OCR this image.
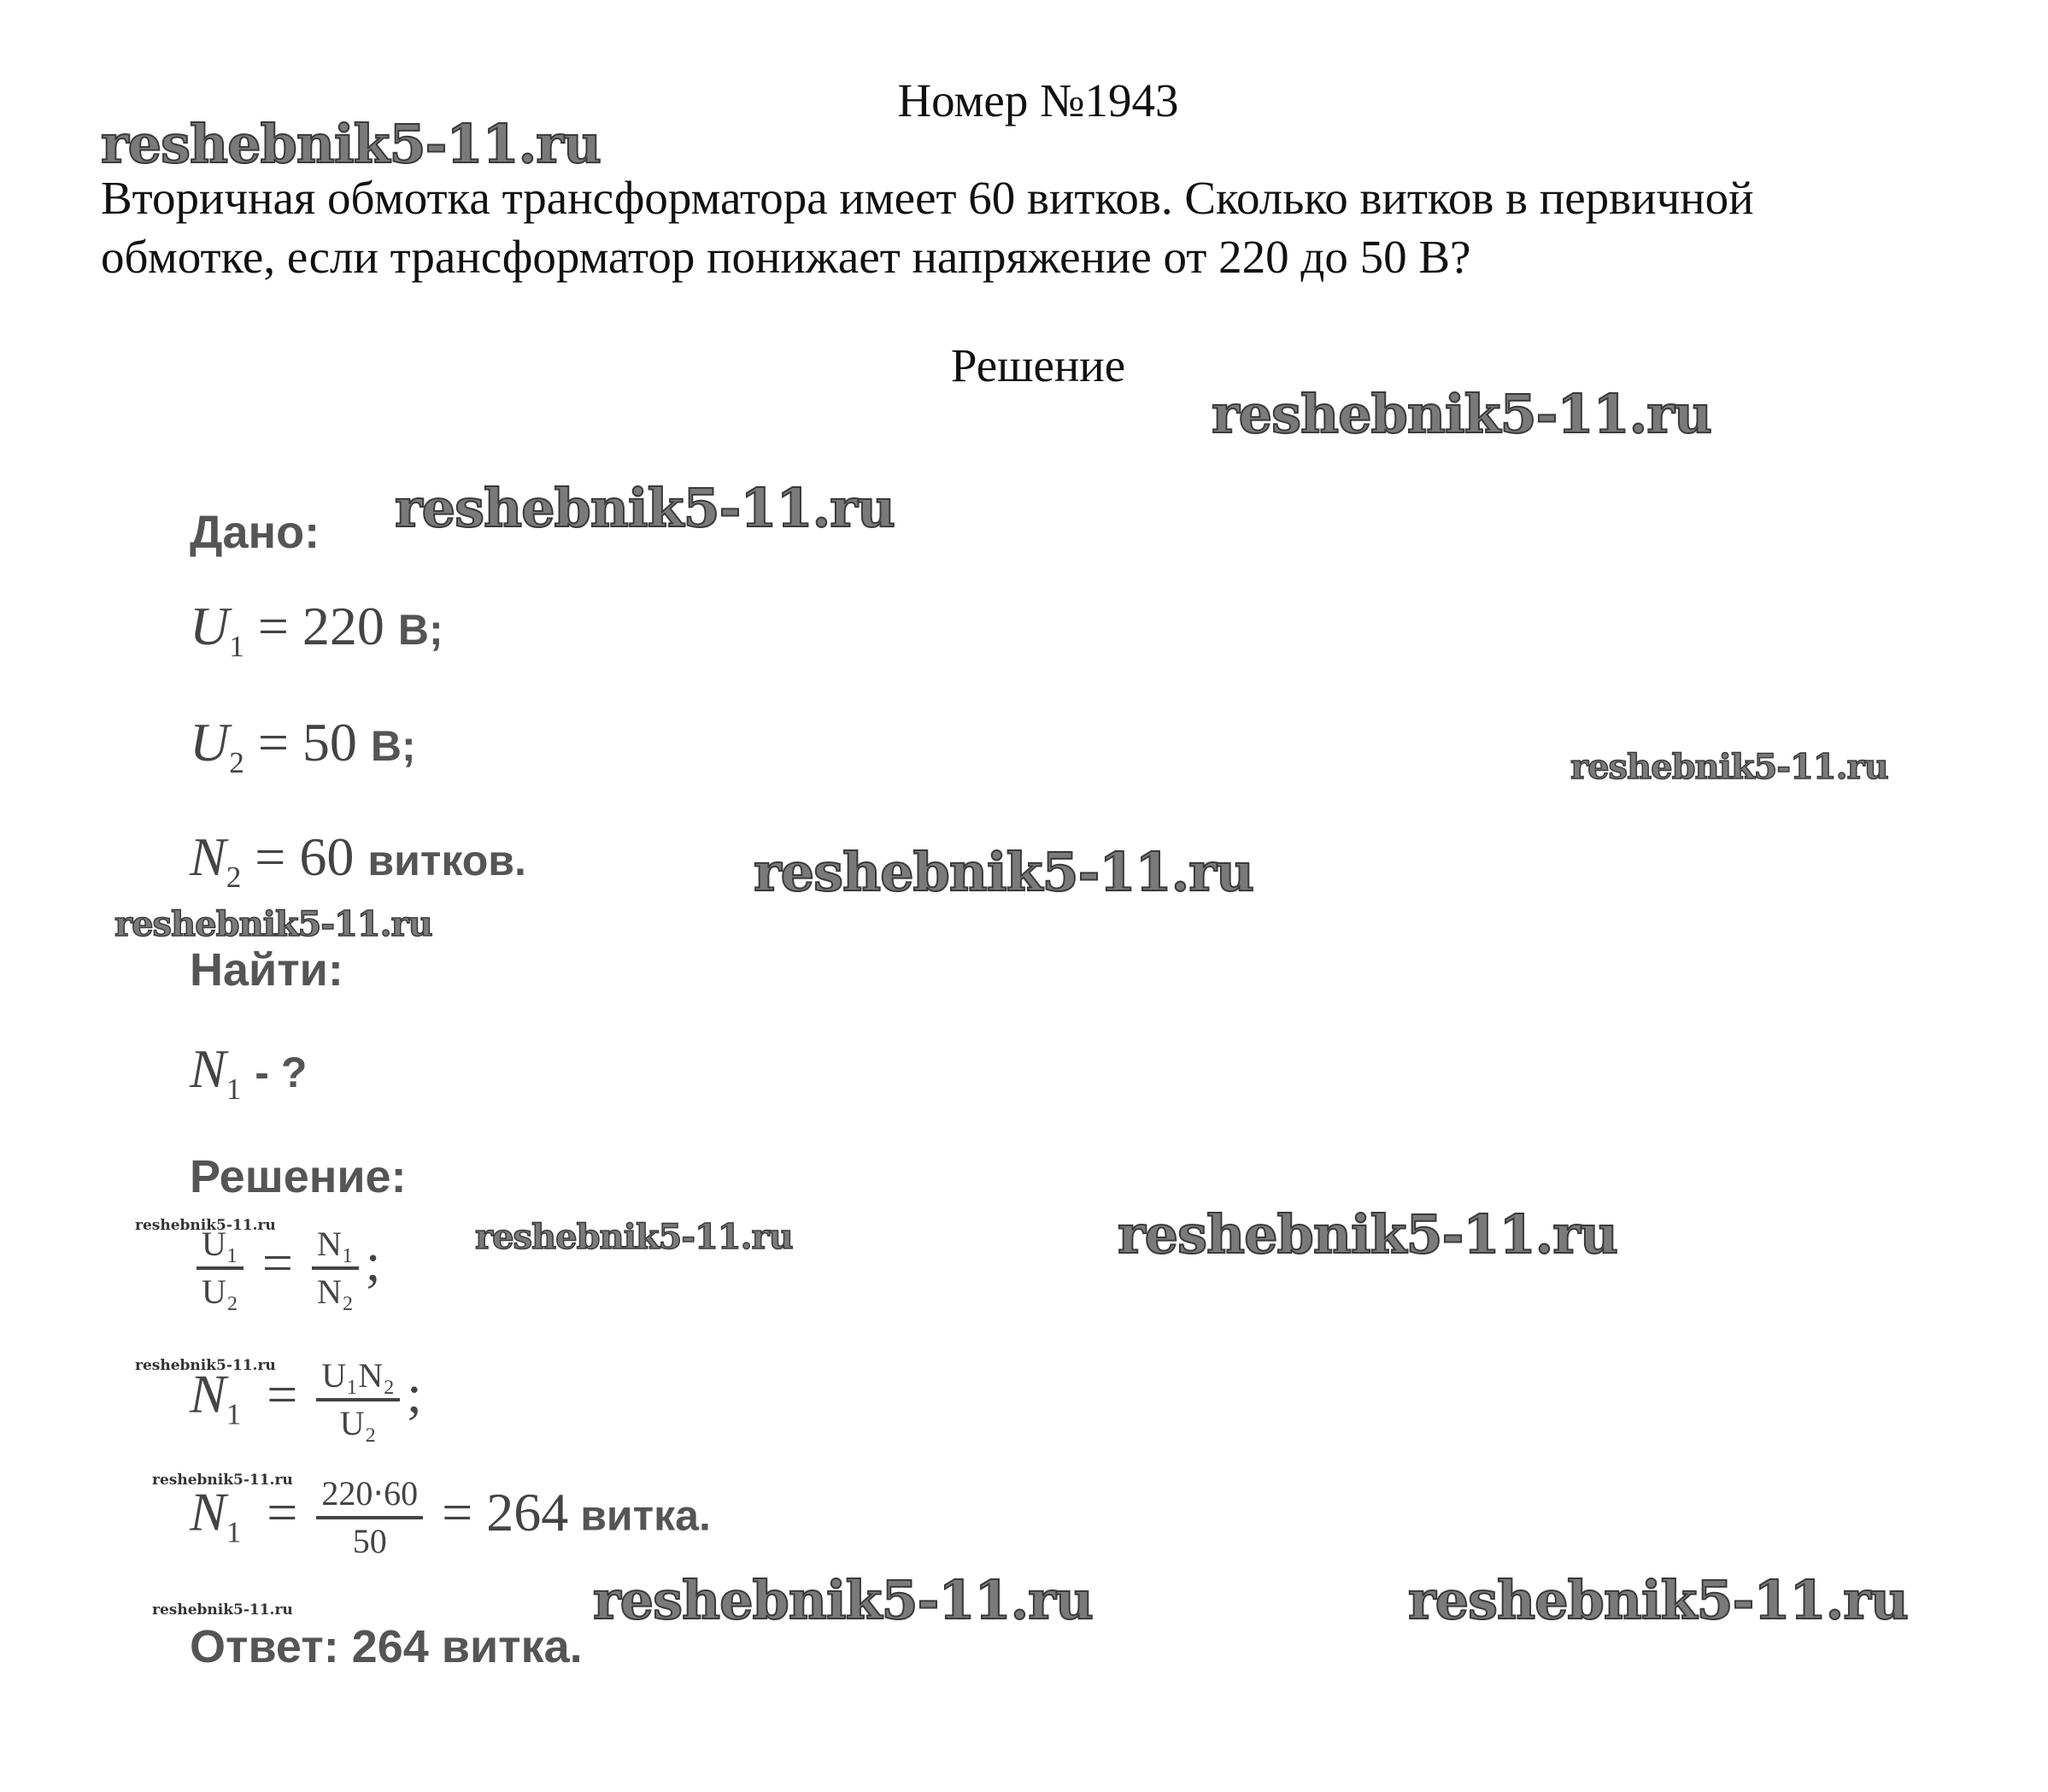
Номер №1943
Вторичная обмотка трансформатора имеет 60 витков. Сколько витков в первичной
обмотке, если трансформатор понижает напряжение от 220 до 50 В?
Решение
reshebnik5-11.ru
reshebnik5-11.ru
reshebnik5-11.ru
reshebnik5-11.ru
reshebnik5-11.ru
reshebnik5-11.ru
reshebnik5-11.ru	reshebnik5-11.ru
reshebnik5-11.ru	reshebnik5-11.ru
reshebnik5-11.ru
reshebnik5-11.ru
reshebnik5-11.ru
reshebnik5-11.ru
Дано:
$U_1 = 220$ В;
$U_2 = 50$ В;
$N_2 = 60$ витков.
Найти:
$N_1$ - ?
Решение:
$\frac{\text{U₁}}{\text{U₂}} = \frac{\text{N₁}}{\text{N₂}}$ ;
$N_1 = \frac{\text{U₁N₂}}{\text{U₂}}$ ;
$N_1 = \frac{220\cdot 60}{50} = 264$ витка.
Ответ: 264 витка.
